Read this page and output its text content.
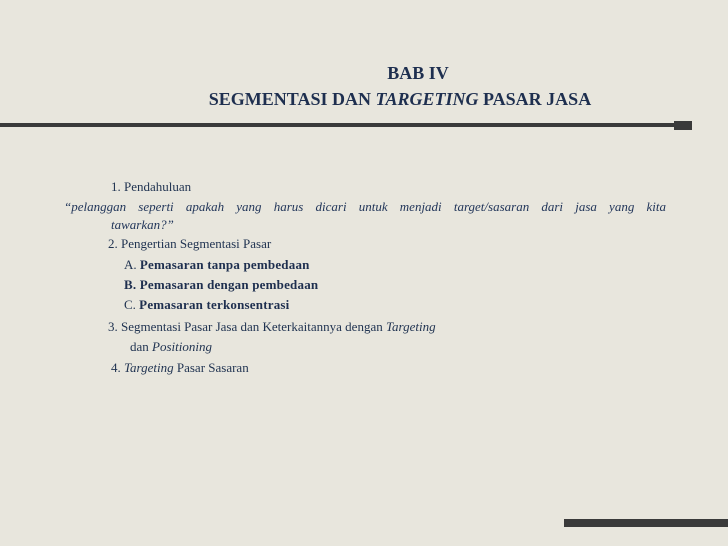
BAB IV
SEGMENTASI DAN TARGETING PASAR JASA
1. Pendahuluan
“pelanggan seperti apakah yang harus dicari untuk menjadi target/sasaran dari jasa yang kita
tawarkan?”
2. Pengertian Segmentasi Pasar
A. Pemasaran tanpa pembedaan
B. Pemasaran dengan pembedaan
C. Pemasaran terkonsentrasi
3. Segmentasi Pasar Jasa dan Keterkaitannya dengan Targeting
dan Positioning
4. Targeting Pasar Sasaran
